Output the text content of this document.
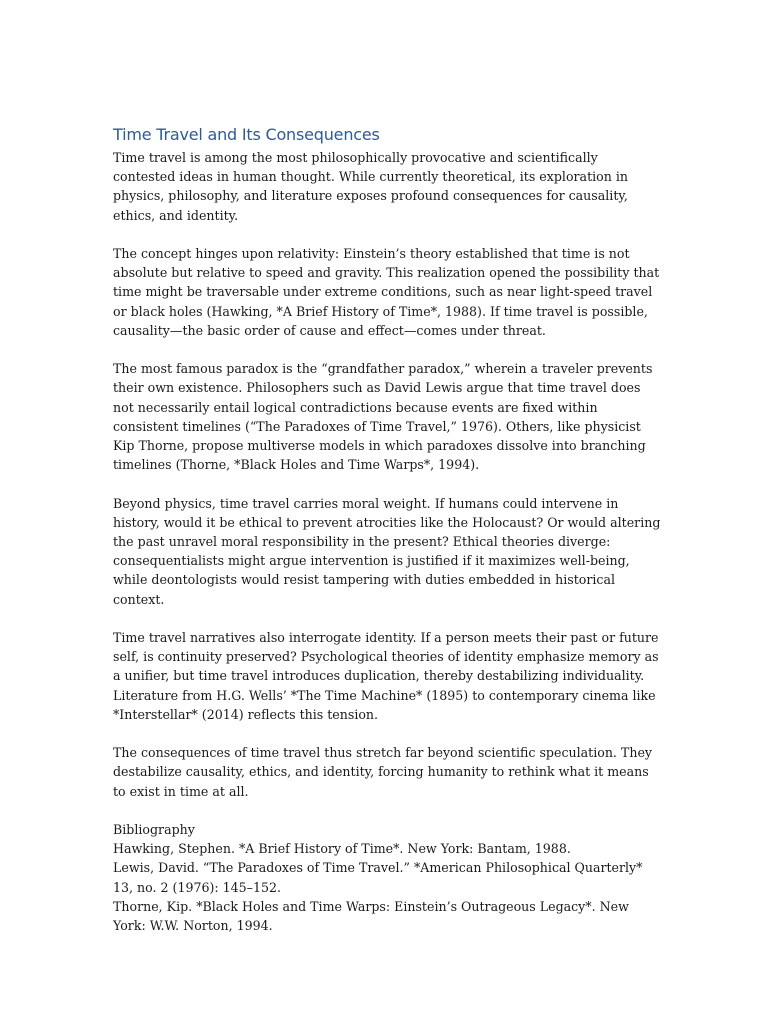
Time Travel and Its Consequences

Time travel is among the most philosophically provocative and scientifically contested ideas in human thought. While currently theoretical, its exploration in physics, philosophy, and literature exposes profound consequences for causality, ethics, and identity.

The concept hinges upon relativity: Einstein’s theory established that time is not absolute but relative to speed and gravity. This realization opened the possibility that time might be traversable under extreme conditions, such as near light-speed travel or black holes (Hawking, *A Brief History of Time*, 1988). If time travel is possible, causality—the basic order of cause and effect—comes under threat.

The most famous paradox is the “grandfather paradox,” wherein a traveler prevents their own existence. Philosophers such as David Lewis argue that time travel does not necessarily entail logical contradictions because events are fixed within consistent timelines (“The Paradoxes of Time Travel,” 1976). Others, like physicist Kip Thorne, propose multiverse models in which paradoxes dissolve into branching timelines (Thorne, *Black Holes and Time Warps*, 1994).

Beyond physics, time travel carries moral weight. If humans could intervene in history, would it be ethical to prevent atrocities like the Holocaust? Or would altering the past unravel moral responsibility in the present? Ethical theories diverge: consequentialists might argue intervention is justified if it maximizes well-being, while deontologists would resist tampering with duties embedded in historical context.

Time travel narratives also interrogate identity. If a person meets their past or future self, is continuity preserved? Psychological theories of identity emphasize memory as a unifier, but time travel introduces duplication, thereby destabilizing individuality. Literature from H.G. Wells’ *The Time Machine* (1895) to contemporary cinema like *Interstellar* (2014) reflects this tension.

The consequences of time travel thus stretch far beyond scientific speculation. They destabilize causality, ethics, and identity, forcing humanity to rethink what it means to exist in time at all.

Bibliography
Hawking, Stephen. *A Brief History of Time*. New York: Bantam, 1988.
Lewis, David. “The Paradoxes of Time Travel.” *American Philosophical Quarterly* 13, no. 2 (1976): 145–152.
Thorne, Kip. *Black Holes and Time Warps: Einstein’s Outrageous Legacy*. New York: W.W. Norton, 1994.
